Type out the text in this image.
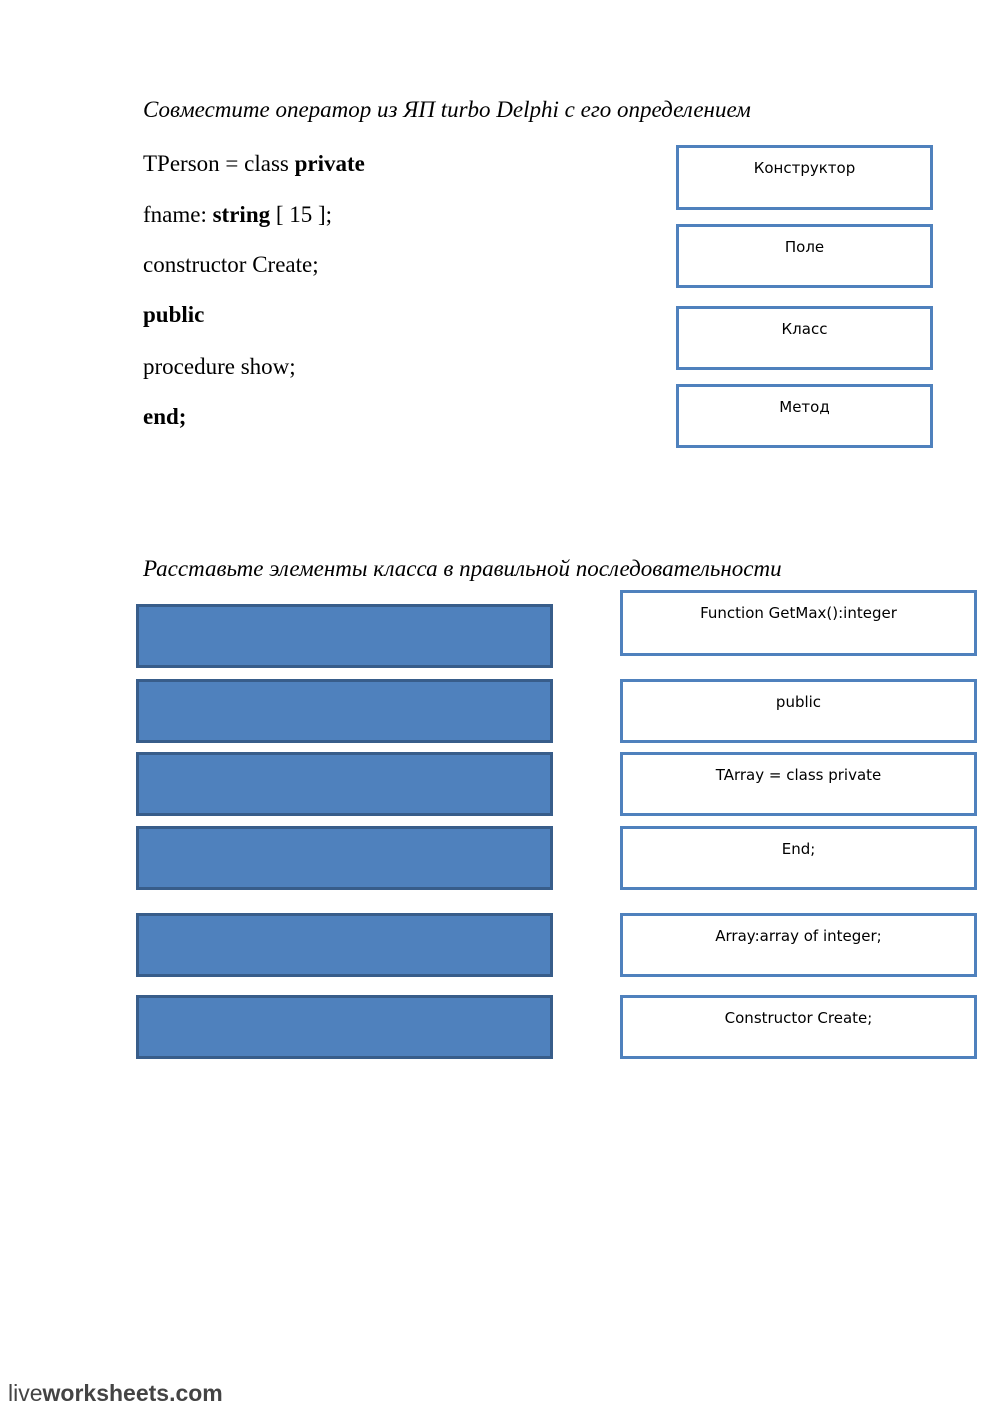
Совместите оператор из ЯП turbo Delphi с его определением
TPerson = class private
fname: string [ 15 ];
constructor Create;
public
procedure show;
end;
Конструктор
Поле
Класс
Метод
Расставьте элементы класса в правильной последовательности
Function GetMax():integer
public
TArray = class private
End;
Array:array of integer;
Constructor Create;
liveworksheets.com
